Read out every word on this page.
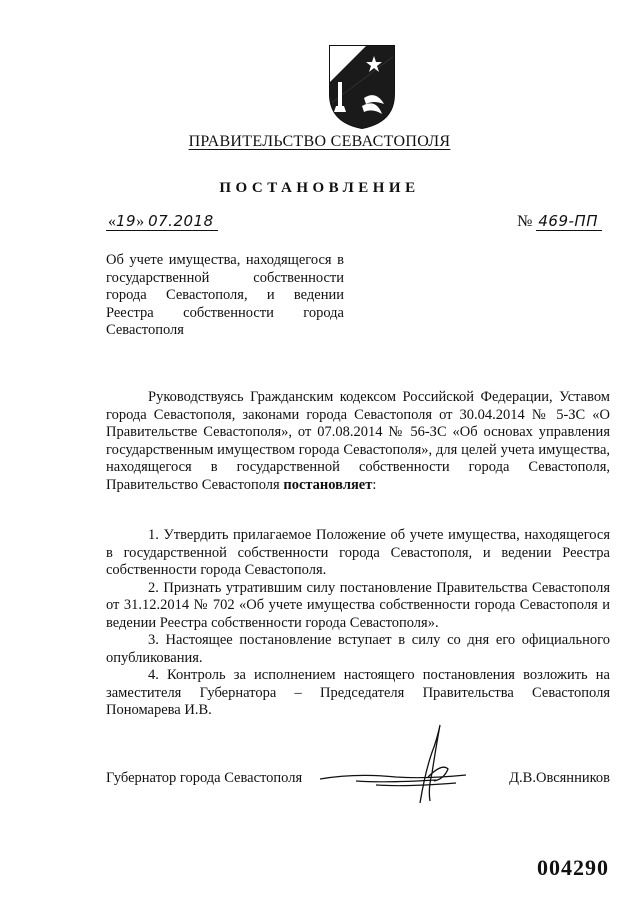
ПРАВИТЕЛЬСТВО СЕВАСТОПОЛЯ
ПОСТАНОВЛЕНИЕ
«19» 07.2018	№ 469-ПП
Об учете имущества, находящегося в государственной собственности города Севастополя, и ведении Реестра собственности города Севастополя

Руководствуясь Гражданским кодексом Российской Федерации, Уставом города Севастополя, законами города Севастополя от 30.04.2014 № 5-ЗС «О Правительстве Севастополя», от 07.08.2014 № 56-ЗС «Об основах управления государственным имуществом города Севастополя», для целей учета имущества, находящегося в государственной собственности города Севастополя, Правительство Севастополя постановляет:

1. Утвердить прилагаемое Положение об учете имущества, находящегося в государственной собственности города Севастополя, и ведении Реестра собственности города Севастополя.

2. Признать утратившим силу постановление Правительства Севастополя от 31.12.2014 № 702 «Об учете имущества собственности города Севастополя и ведении Реестра собственности города Севастополя».

3. Настоящее постановление вступает в силу со дня его официального опубликования.

4. Контроль за исполнением настоящего постановления возложить на заместителя Губернатора – Председателя Правительства Севастополя Пономарева И.В.

Губернатор города Севастополя	Д.В.Овсянников
004290
